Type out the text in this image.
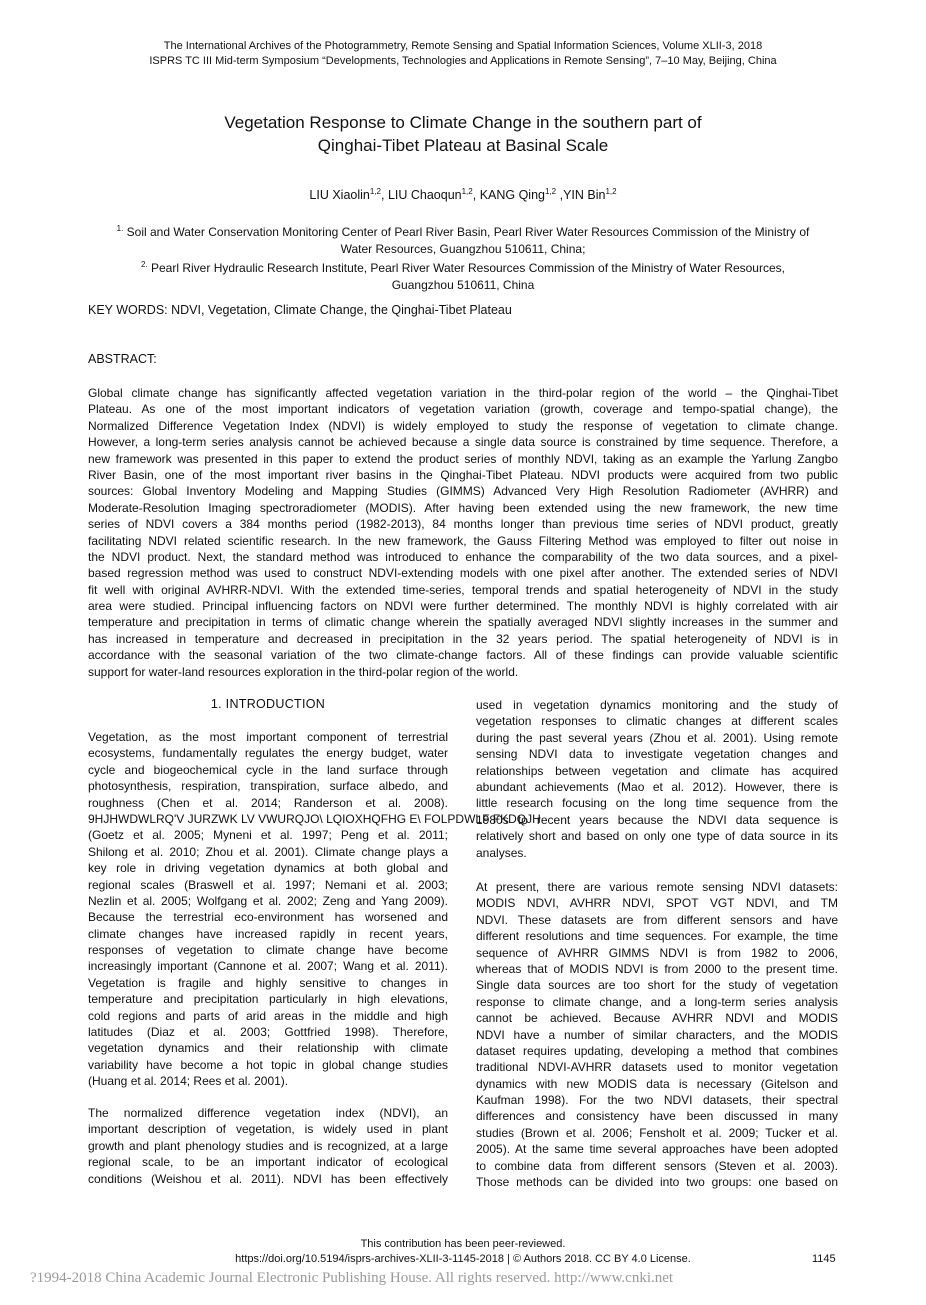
The International Archives of the Photogrammetry, Remote Sensing and Spatial Information Sciences, Volume XLII-3, 2018
ISPRS TC III Mid-term Symposium “Developments, Technologies and Applications in Remote Sensing”, 7–10 May, Beijing, China
Vegetation Response to Climate Change in the southern part of
Qinghai-Tibet Plateau at Basinal Scale
LIU Xiaolin$^{1,2}$, LIU Chaoqun$^{1,2}$, KANG Qing$^{1,2}$ ,YIN Bin$^{1,2}$
$^{1.}$ Soil and Water Conservation Monitoring Center of Pearl River Basin, Pearl River Water Resources Commission of the Ministry of
Water Resources, Guangzhou 510611, China;
$^{2.}$ Pearl River Hydraulic Research Institute, Pearl River Water Resources Commission of the Ministry of Water Resources,
Guangzhou 510611, China
KEY WORDS: NDVI, Vegetation, Climate Change, the Qinghai-Tibet Plateau
ABSTRACT:
Global climate change has significantly affected vegetation variation in the third-polar region of the world – the Qinghai-Tibet
Plateau. As one of the most important indicators of vegetation variation (growth, coverage and tempo-spatial change), the
Normalized Difference Vegetation Index (NDVI) is widely employed to study the response of vegetation to climate change.
However, a long-term series analysis cannot be achieved because a single data source is constrained by time sequence. Therefore, a
new framework was presented in this paper to extend the product series of monthly NDVI, taking as an example the Yarlung Zangbo
River Basin, one of the most important river basins in the Qinghai-Tibet Plateau. NDVI products were acquired from two public
sources: Global Inventory Modeling and Mapping Studies (GIMMS) Advanced Very High Resolution Radiometer (AVHRR) and
Moderate-Resolution Imaging spectroradiometer (MODIS). After having been extended using the new framework, the new time
series of NDVI covers a 384 months period (1982-2013), 84 months longer than previous time series of NDVI product, greatly
facilitating NDVI related scientific research. In the new framework, the Gauss Filtering Method was employed to filter out noise in
the NDVI product. Next, the standard method was introduced to enhance the comparability of the two data sources, and a pixel-
based regression method was used to construct NDVI-extending models with one pixel after another. The extended series of NDVI
fit well with original AVHRR-NDVI. With the extended time-series, temporal trends and spatial heterogeneity of NDVI in the study
area were studied. Principal influencing factors on NDVI were further determined. The monthly NDVI is highly correlated with air
temperature and precipitation in terms of climatic change wherein the spatially averaged NDVI slightly increases in the summer and
has increased in temperature and decreased in precipitation in the 32 years period. The spatial heterogeneity of NDVI is in
accordance with the seasonal variation of the two climate-change factors. All of these findings can provide valuable scientific
support for water-land resources exploration in the third-polar region of the world.
1. INTRODUCTION
Vegetation, as the most important component of terrestrial
ecosystems, fundamentally regulates the energy budget, water
cycle and biogeochemical cycle in the land surface through
photosynthesis, respiration, transpiration, surface albedo, and
roughness (Chen et al. 2014; Randerson et al. 2008).
9HJHWDWLRQ'V JURZWK LV VWURQJO\ LQIOXHQFHG E\ FOLPDWLF FKDQJH
(Goetz et al. 2005; Myneni et al. 1997; Peng et al. 2011;
Shilong et al. 2010; Zhou et al. 2001). Climate change plays a
key role in driving vegetation dynamics at both global and
regional scales (Braswell et al. 1997; Nemani et al. 2003;
Nezlin et al. 2005; Wolfgang et al. 2002; Zeng and Yang 2009).
Because the terrestrial eco-environment has worsened and
climate changes have increased rapidly in recent years,
responses of vegetation to climate change have become
increasingly important (Cannone et al. 2007; Wang et al. 2011).
Vegetation is fragile and highly sensitive to changes in
temperature and precipitation particularly in high elevations,
cold regions and parts of arid areas in the middle and high
latitudes (Diaz et al. 2003; Gottfried 1998). Therefore,
vegetation dynamics and their relationship with climate
variability have become a hot topic in global change studies
(Huang et al. 2014; Rees et al. 2001).
The normalized difference vegetation index (NDVI), an
important description of vegetation, is widely used in plant
growth and plant phenology studies and is recognized, at a large
regional scale, to be an important indicator of ecological
conditions (Weishou et al. 2011). NDVI has been effectively
used in vegetation dynamics monitoring and the study of
vegetation responses to climatic changes at different scales
during the past several years (Zhou et al. 2001). Using remote
sensing NDVI data to investigate vegetation changes and
relationships between vegetation and climate has acquired
abundant achievements (Mao et al. 2012). However, there is
little research focusing on the long time sequence from the
1980s to recent years because the NDVI data sequence is
relatively short and based on only one type of data source in its
analyses.
At present, there are various remote sensing NDVI datasets:
MODIS NDVI, AVHRR NDVI, SPOT VGT NDVI, and TM
NDVI. These datasets are from different sensors and have
different resolutions and time sequences. For example, the time
sequence of AVHRR GIMMS NDVI is from 1982 to 2006,
whereas that of MODIS NDVI is from 2000 to the present time.
Single data sources are too short for the study of vegetation
response to climate change, and a long-term series analysis
cannot be achieved. Because AVHRR NDVI and MODIS
NDVI have a number of similar characters, and the MODIS
dataset requires updating, developing a method that combines
traditional NDVI-AVHRR datasets used to monitor vegetation
dynamics with new MODIS data is necessary (Gitelson and
Kaufman 1998). For the two NDVI datasets, their spectral
differences and consistency have been discussed in many
studies (Brown et al. 2006; Fensholt et al. 2009; Tucker et al.
2005). At the same time several approaches have been adopted
to combine data from different sensors (Steven et al. 2003).
Those methods can be divided into two groups: one based on
This contribution has been peer-reviewed.
https://doi.org/10.5194/isprs-archives-XLII-3-1145-2018 | © Authors 2018. CC BY 4.0 License.	1145
?1994-2018 China Academic Journal Electronic Publishing House. All rights reserved. http://www.cnki.net
